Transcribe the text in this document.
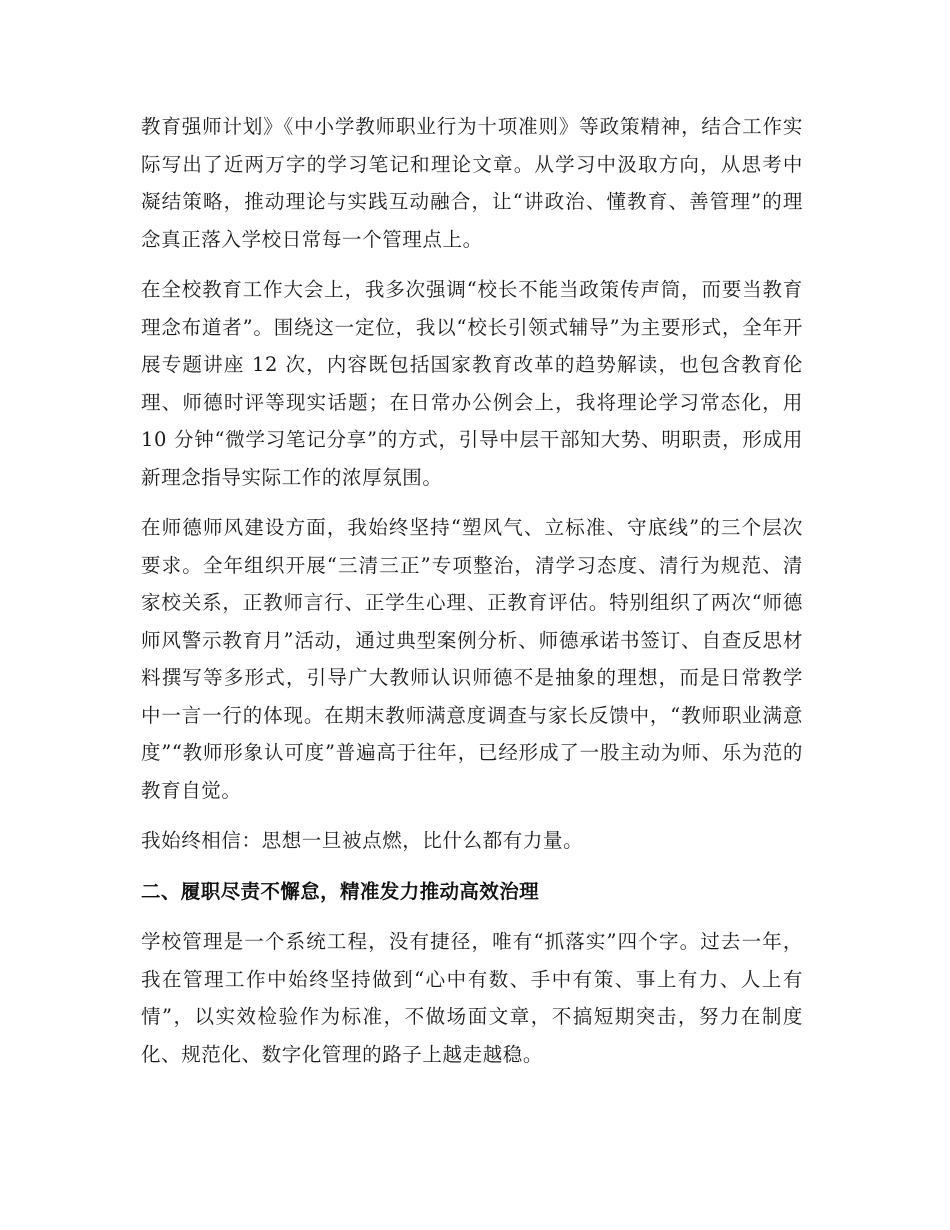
教育强师计划》《中小学教师职业行为十项准则》等政策精神，结合工作实际写出了近两万字的学习笔记和理论文章。从学习中汲取方向，从思考中凝结策略，推动理论与实践互动融合，让“讲政治、懂教育、善管理”的理念真正落入学校日常每一个管理点上。

在全校教育工作大会上，我多次强调“校长不能当政策传声筒，而要当教育理念布道者”。围绕这一定位，我以“校长引领式辅导”为主要形式，全年开展专题讲座 12 次，内容既包括国家教育改革的趋势解读，也包含教育伦理、师德时评等现实话题；在日常办公例会上，我将理论学习常态化，用 10 分钟“微学习笔记分享”的方式，引导中层干部知大势、明职责，形成用新理念指导实际工作的浓厚氛围。

在师德师风建设方面，我始终坚持“塑风气、立标准、守底线”的三个层次要求。全年组织开展“三清三正”专项整治，清学习态度、清行为规范、清家校关系，正教师言行、正学生心理、正教育评估。特别组织了两次“师德师风警示教育月”活动，通过典型案例分析、师德承诺书签订、自查反思材料撰写等多形式，引导广大教师认识师德不是抽象的理想，而是日常教学中一言一行的体现。在期末教师满意度调查与家长反馈中，“教师职业满意度”“教师形象认可度”普遍高于往年，已经形成了一股主动为师、乐为范的教育自觉。

我始终相信：思想一旦被点燃，比什么都有力量。

二、履职尽责不懈怠，精准发力推动高效治理

学校管理是一个系统工程，没有捷径，唯有“抓落实”四个字。过去一年，我在管理工作中始终坚持做到“心中有数、手中有策、事上有力、人上有情”，以实效检验作为标准，不做场面文章，不搞短期突击，努力在制度化、规范化、数字化管理的路子上越走越稳。
